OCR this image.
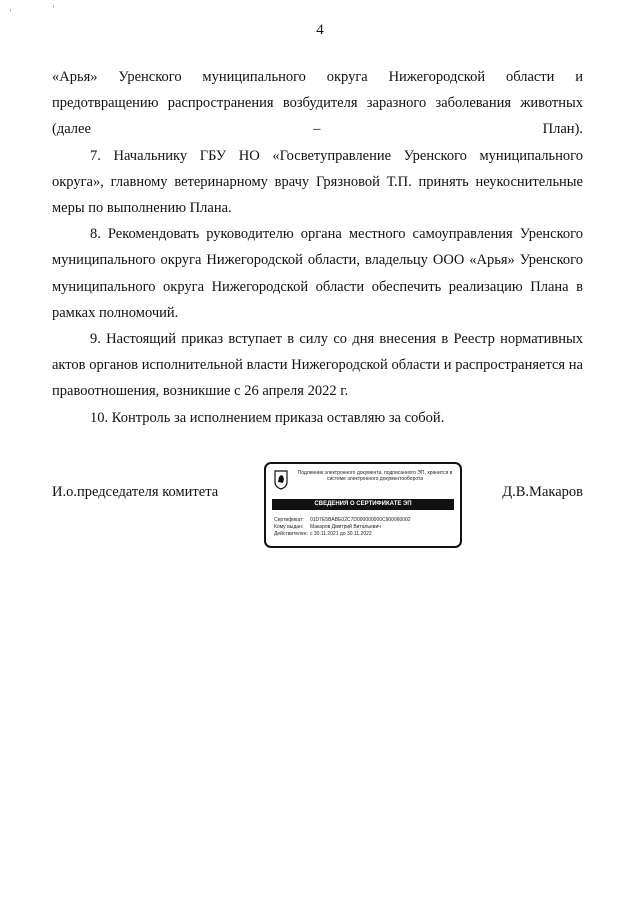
'	'
4

«Арья» Уренского муниципального округа Нижегородской области и предотвращению распространения возбудителя заразного заболевания животных (далее – План).

7. Начальнику ГБУ НО «Госветуправление Уренского муниципального округа», главному ветеринарному врачу Грязновой Т.П. принять неукоснительные меры по выполнению Плана.

8. Рекомендовать руководителю органа местного самоуправления Уренского муниципального округа Нижегородской области, владельцу ООО «Арья» Уренского муниципального округа Нижегородской области обеспечить реализацию Плана в рамках полномочий.

9. Настоящий приказ вступает в силу со дня внесения в Реестр нормативных актов органов исполнительной власти Нижегородской области и распространяется на правоотношения, возникшие с 26 апреля 2022 г.

10. Контроль за исполнением приказа оставляю за собой.

И.о.председателя комитета
Подлинник электронного документа, подписанного ЭП, хранится в системе электронного документооборота
СВЕДЕНИЯ О СЕРТИФИКАТЕ ЭП
Сертификат: 01D7E5BABE02C7D000000000C900060002
Кому выдан: Макаров Дмитрий Витальевич
Действителен: с 30.11.2021 до 30.11.2022
Д.В.Макаров
